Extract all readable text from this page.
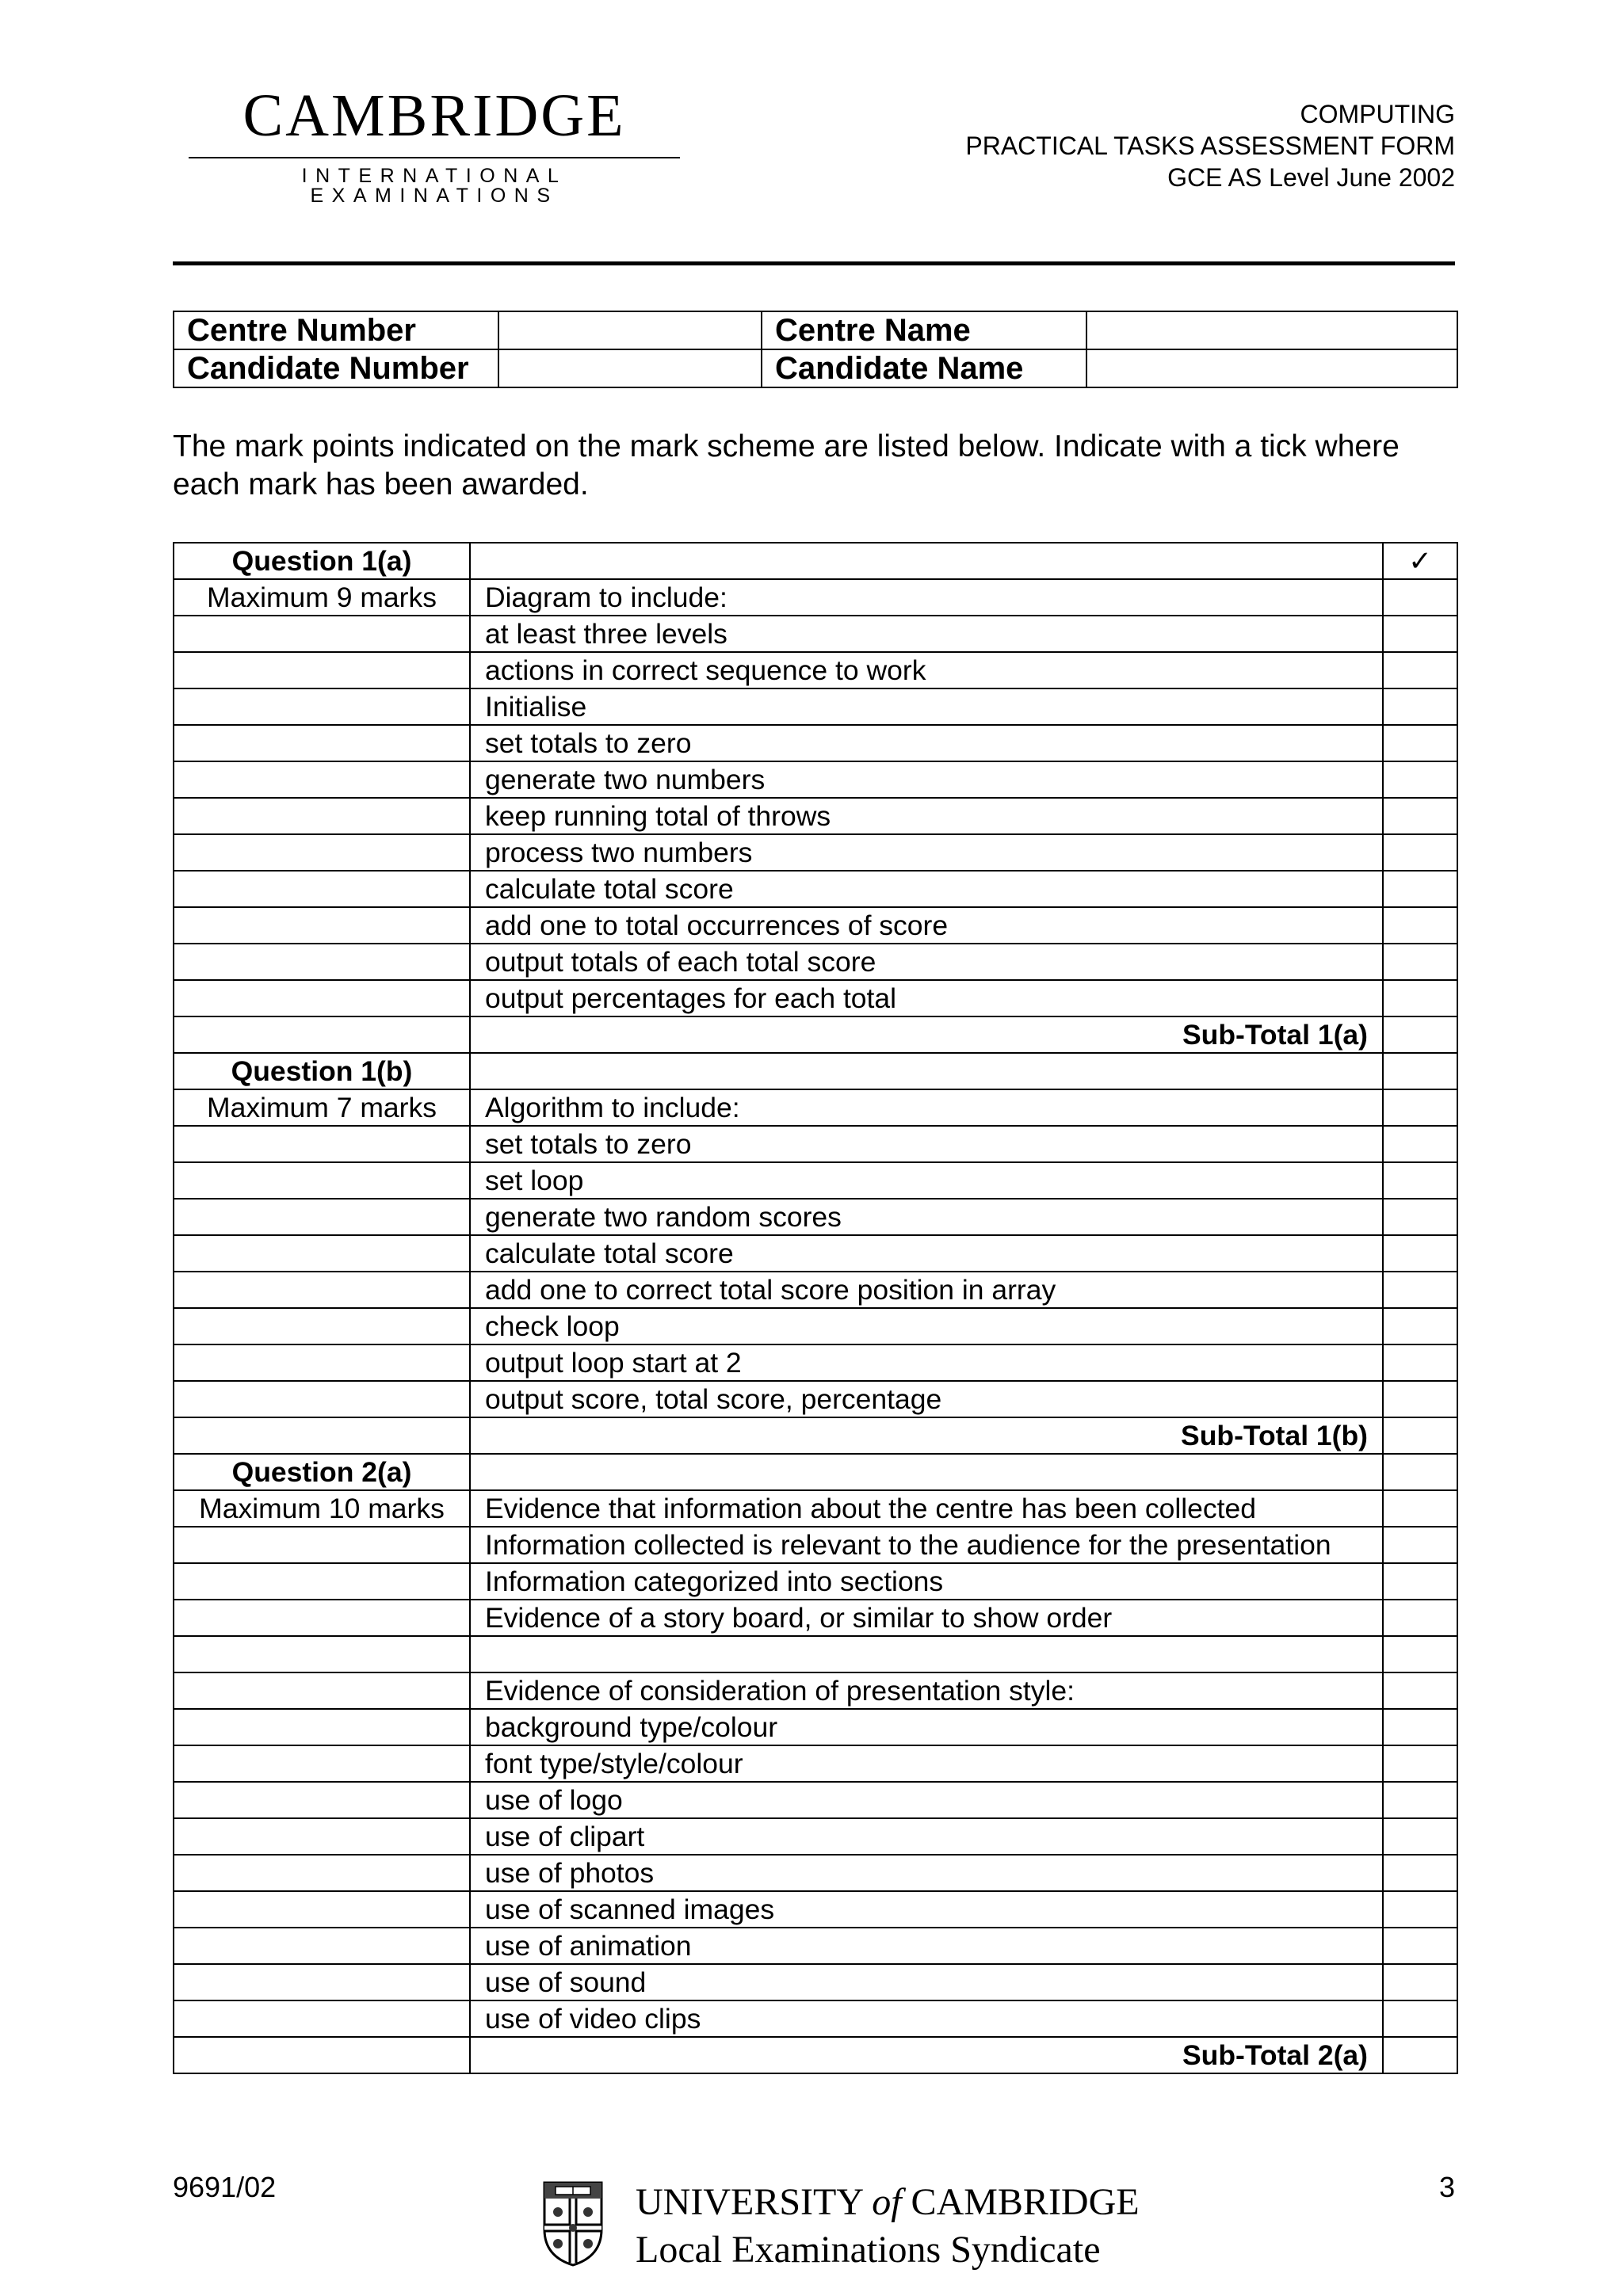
CAMBRIDGE
INTERNATIONAL EXAMINATIONS
COMPUTING
PRACTICAL TASKS ASSESSMENT FORM
GCE AS Level June 2002
Centre Number		Centre Name	
Candidate Number		Candidate Name	

The mark points indicated on the mark scheme are listed below. Indicate with a tick where each mark has been awarded.

Question 1(a)		✓
Maximum 9 marks	Diagram to include:	
	at least three levels	
	actions in correct sequence to work	
	Initialise	
	set totals to zero	
	generate two numbers	
	keep running total of throws	
	process two numbers	
	calculate total score	
	add one to total occurrences of score	
	output totals of each total score	
	output percentages for each total	
	Sub-Total 1(a)	
Question 1(b)		
Maximum 7 marks	Algorithm to include:	
	set totals to zero	
	set loop	
	generate two random scores	
	calculate total score	
	add one to correct total score position in array	
	check loop	
	output loop start at 2	
	output score, total score, percentage	
	Sub-Total 1(b)	
Question 2(a)		
Maximum 10 marks	Evidence that information about the centre has been collected	
	Information collected is relevant to the audience for the presentation	
	Information categorized into sections	
	Evidence of a story board, or similar to show order	

	Evidence of consideration of presentation style:	
	background type/colour	
	font type/style/colour	
	use of logo	
	use of clipart	
	use of photos	
	use of scanned images	
	use of animation	
	use of sound	
	use of video clips	
	Sub-Total 2(a)	
9691/02	UNIVERSITY of CAMBRIDGE
Local Examinations Syndicate
3
